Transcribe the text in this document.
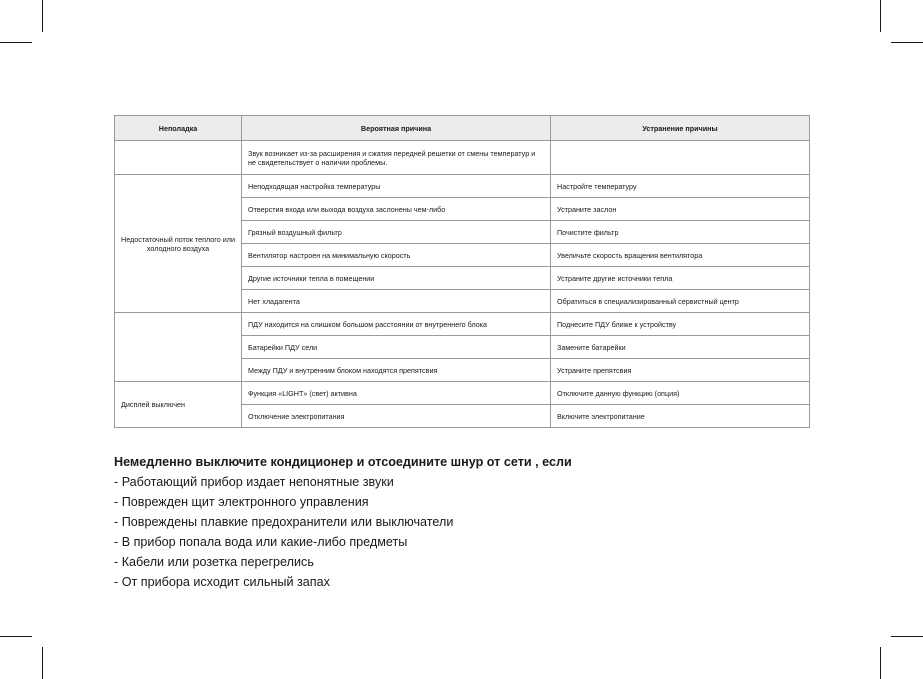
Неполадка	Вероятная причина	Устранение причины
	Звук возникает из-за расширения и сжатия передней решетки от смены температур и не свидетельствует о наличии проблемы.	
Недостаточный поток теплого или холодного воздуха	Неподходящая настройка температуры	Настройте температуру
	Отверстия входа или выхода воздуха заслонены чем-либо	Устраните заслон
	Грязный воздушный фильтр	Почистите фильтр
	Вентилятор настроен на минимальную скорость	Увеличьте скорость вращения вентилятора
	Другие источники тепла в помещении	Устраните другие источники тепла
	Нет хладагента	Обратиться в специализированный сервистный центр
	ПДУ находится на слишком большом расстоянии от внутреннего блока	Поднесите ПДУ ближе к устройству
	Батарейки ПДУ сели	Замените батарейки
	Между ПДУ и внутренним блоком находятся препятсвия	Устраните препятсвия
Дисплей выключен	Функция «LIGHT» (свет) активна	Отключите данную функцию (опция)
	Отключение электропитания	Включите электропитание
Немедленно выключите кондиционер и отсоедините шнур от сети , если
- Работающий прибор издает непонятные звуки
- Поврежден щит электронного управления
- Повреждены плавкие предохранители или выключатели
- В прибор попала вода или какие-либо предметы
- Кабели или розетка перегрелись
- От прибора исходит сильный запах
